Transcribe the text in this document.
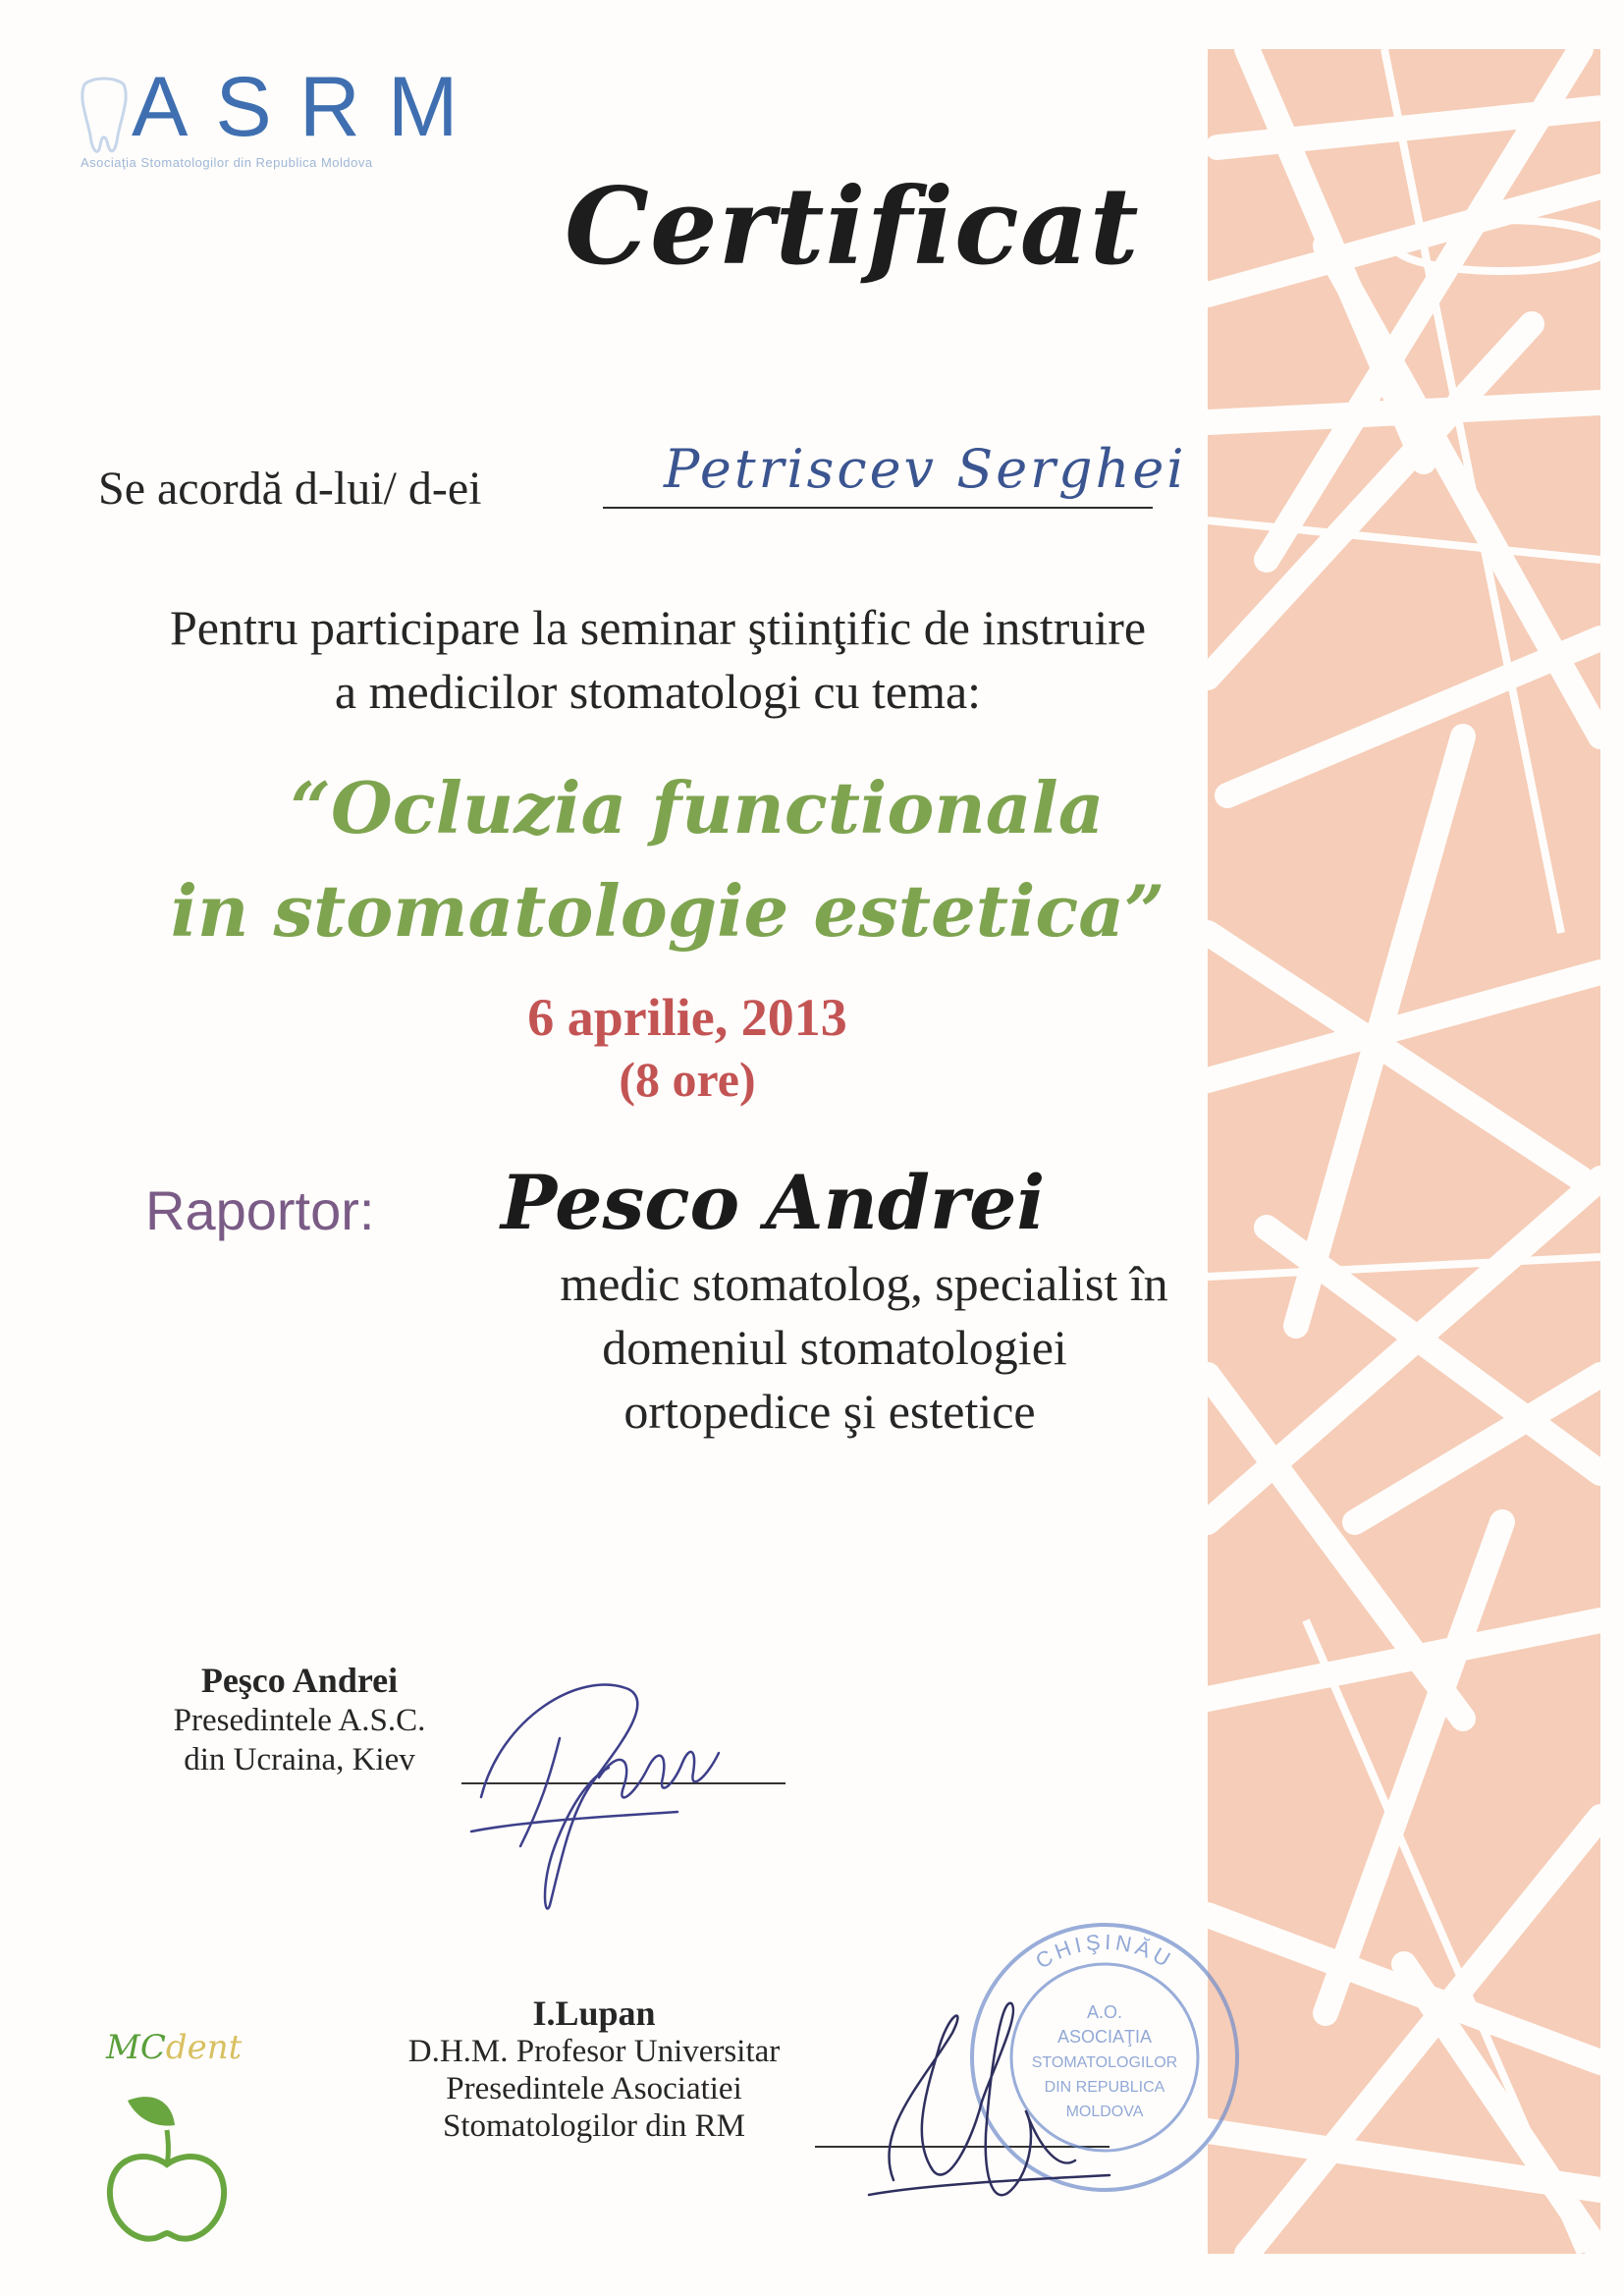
ASRM
Asociaţia Stomatologilor din Republica Moldova
Certificat
Se acordă d-lui/ d-ei	Petriscev Serghei
Pentru participare la seminar ştiinţific de instruire
a medicilor stomatologi cu tema:
“Ocluzia functionala
in stomatologie estetica”
6 aprilie, 2013
(8 ore)
Raportor: Pesco Andrei
medic stomatolog, specialist în
domeniul stomatologiei
ortopedice şi estetice
Peşco Andrei
Presedintele A.S.C.
din Ucraina, Kiev
I.Lupan
D.H.M. Profesor Universitar
Presedintele Asociatiei
Stomatologilor din RM
CHIŞINĂU
A.O.
ASOCIAŢIA
STOMATOLOGILOR
DIN REPUBLICA
MOLDOVA
MCdent
